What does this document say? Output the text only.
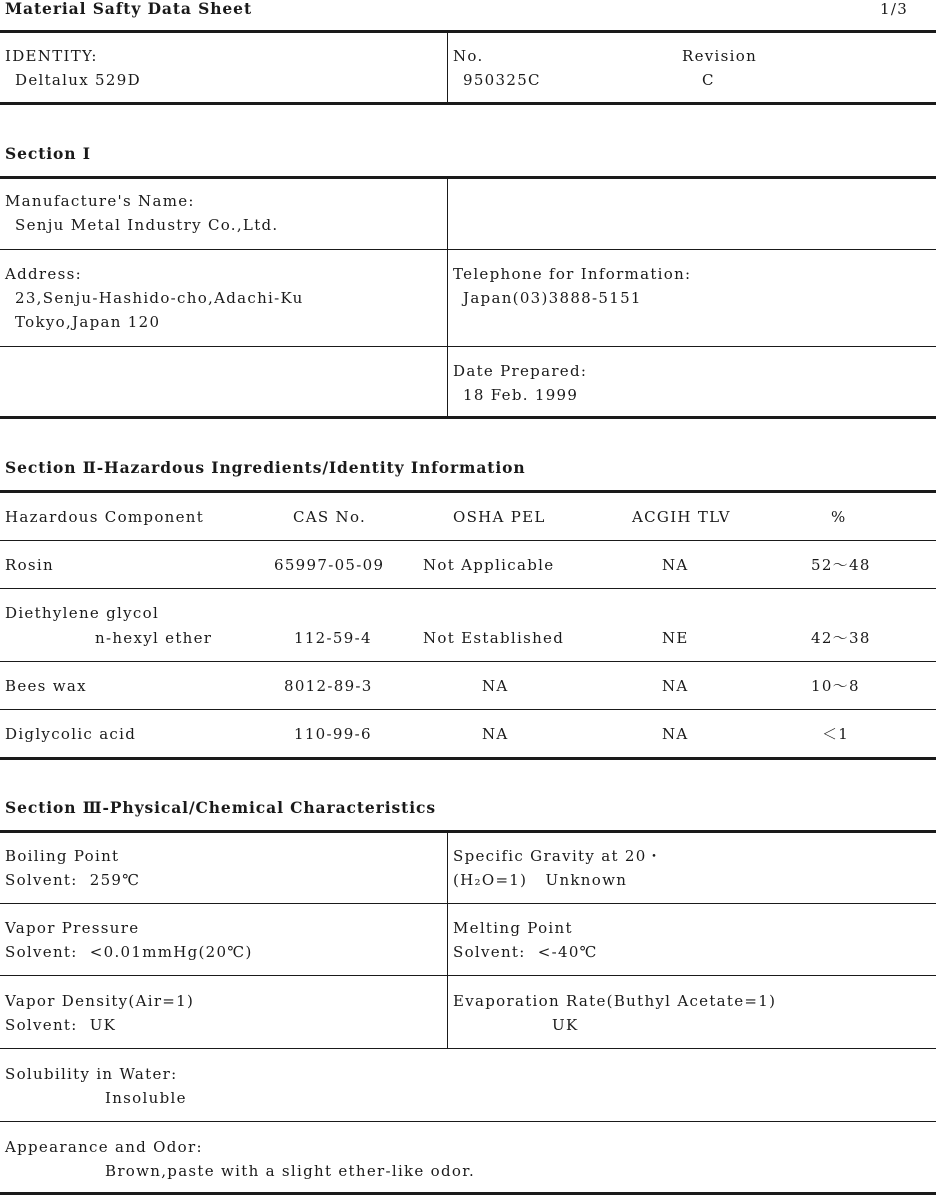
Material Safty Data Sheet	1/3
IDENTITY:
Deltalux 529D
No.
950325C
Revision
C
Section Ⅰ
Manufacture's Name:
Senju Metal Industry Co.,Ltd.
Address:
23,Senju-Hashido-cho,Adachi-Ku
Tokyo,Japan 120
Telephone for Information:
Japan(03)3888-5151
Date Prepared:
18 Feb. 1999
Section Ⅱ-Hazardous Ingredients/Identity Information
Hazardous Component	CAS No.	OSHA PEL	ACGIH TLV	%
Rosin	65997-05-09	Not Applicable	NA	52～48
Diethylene glycol
n-hexyl ether	112-59-4	Not Established	NE	42～38
Bees wax	8012-89-3	NA	NA	10～8
Diglycolic acid	110-99-6	NA	NA	＜1
Section Ⅲ-Physical/Chemical Characteristics
Boiling Point
Solvent:  259℃
Specific Gravity at 20・
(H₂O=1)   Unknown
Vapor Pressure
Solvent:  <0.01mmHg(20℃)
Melting Point
Solvent:  <-40℃
Vapor Density(Air=1)
Solvent:  UK
Evaporation Rate(Buthyl Acetate=1)
UK
Solubility in Water:
Insoluble
Appearance and Odor:
Brown,paste with a slight ether-like odor.
